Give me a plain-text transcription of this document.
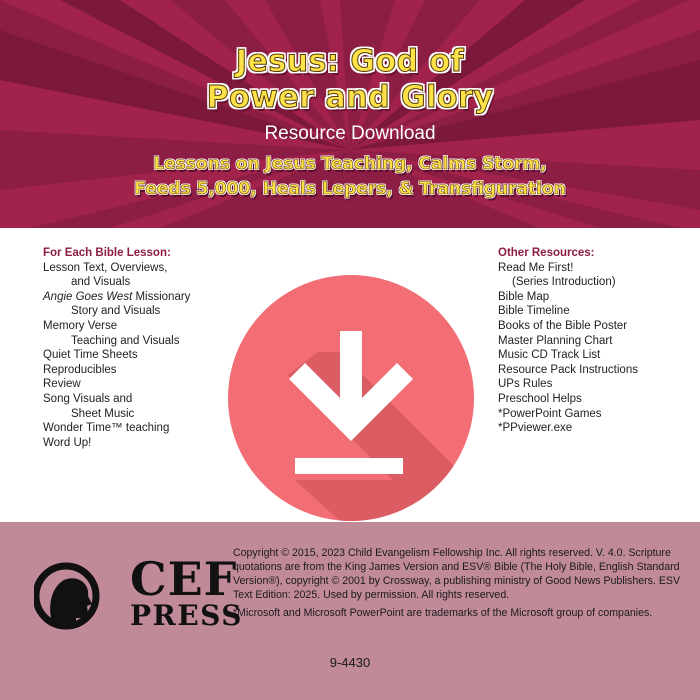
Jesus: God of
Power and Glory
Resource Download
Lessons on Jesus Teaching, Calms Storm,
Feeds 5,000, Heals Lepers, & Transfiguration
For Each Bible Lesson:
Lesson Text, Overviews,
and Visuals
Angie Goes West Missionary
Story and Visuals
Memory Verse
Teaching and Visuals
Quiet Time Sheets
Reproducibles
Review
Song Visuals and
Sheet Music
Wonder Time™ teaching
Word Up!
Other Resources:
Read Me First!
(Series Introduction)
Bible Map
Bible Timeline
Books of the Bible Poster
Master Planning Chart
Music CD Track List
Resource Pack Instructions
UPs Rules
Preschool Helps
*PowerPoint Games
*PPviewer.exe
CEF
PRESS

Copyright © 2015, 2023 Child Evangelism Fellowship Inc. All rights reserved. V. 4.0. Scripture quotations are from the King James Version and ESV® Bible (The Holy Bible, English Standard Version®), copyright © 2001 by Crossway, a publishing ministry of Good News Publishers. ESV Text Edition: 2025. Used by permission. All rights reserved.

*Microsoft and Microsoft PowerPoint are trademarks of the Microsoft group of companies.

9-4430
